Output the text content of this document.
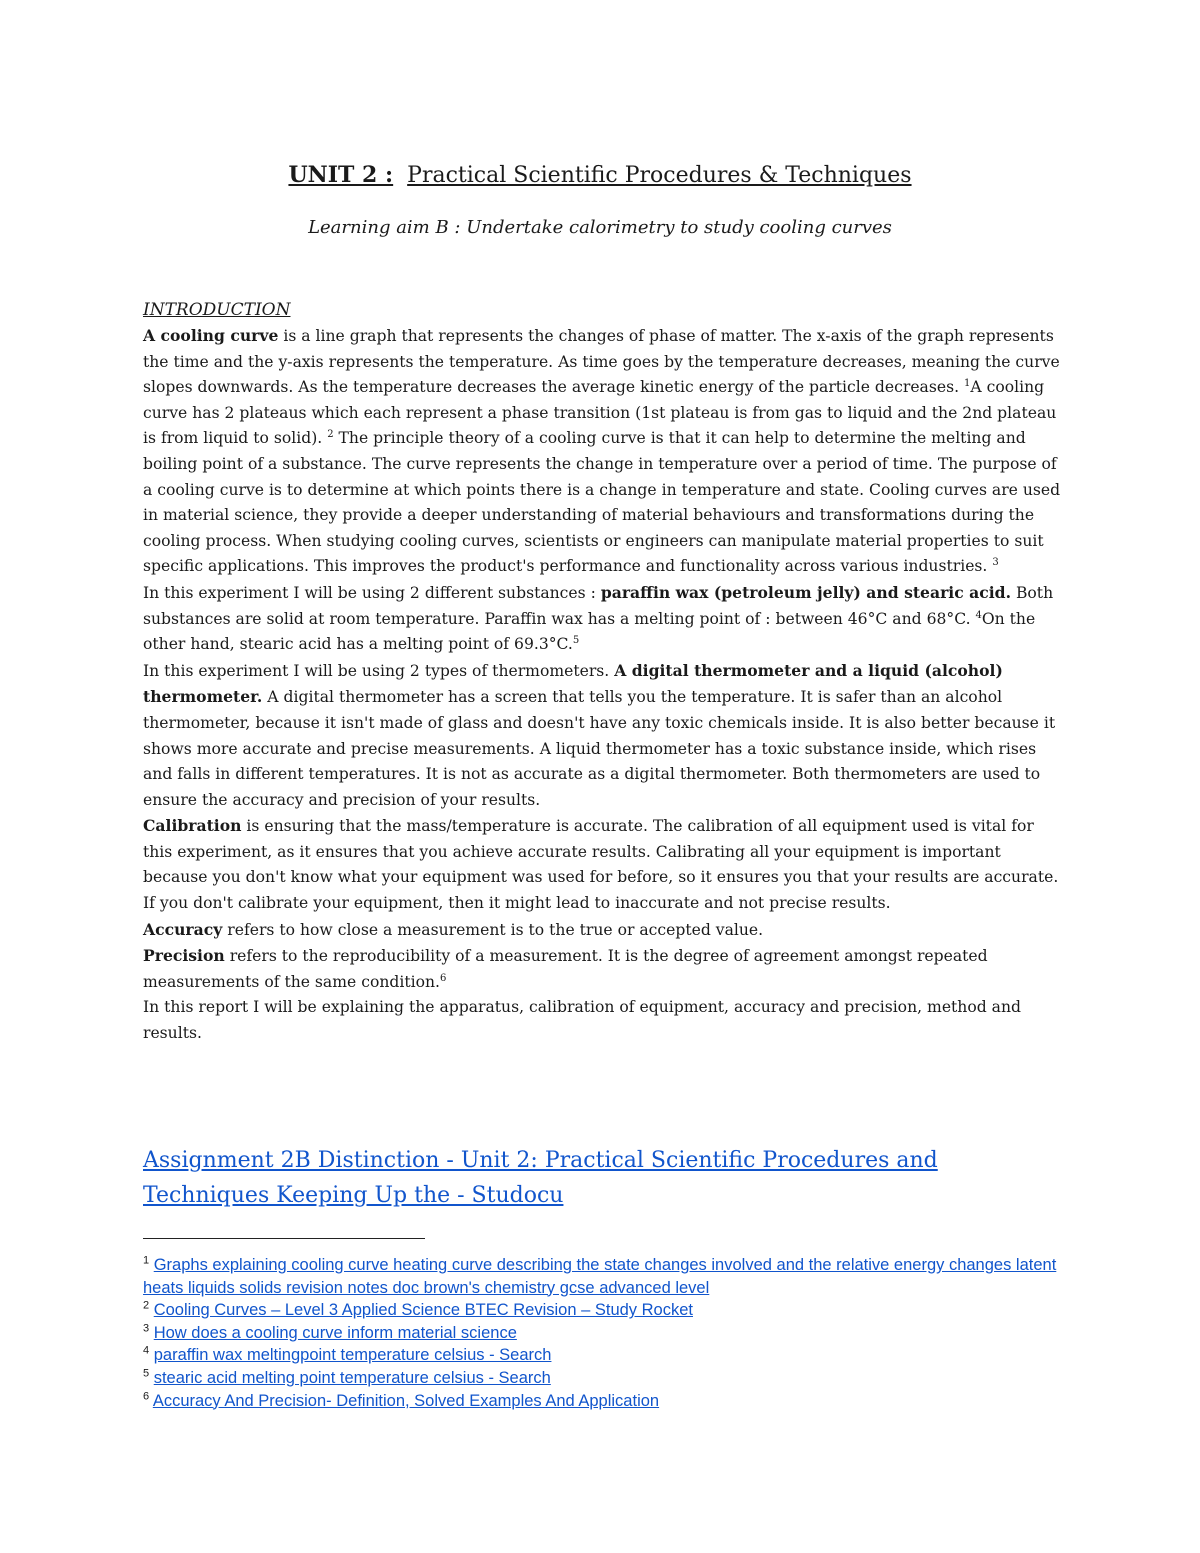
UNIT 2 : Practical Scientific Procedures & Techniques

Learning aim B : Undertake calorimetry to study cooling curves

INTRODUCTION

A cooling curve is a line graph that represents the changes of phase of matter. The x-axis of the graph represents the time and the y-axis represents the temperature. As time goes by the temperature decreases, meaning the curve slopes downwards. As the temperature decreases the average kinetic energy of the particle decreases. $^1$A cooling curve has 2 plateaus which each represent a phase transition (1st plateau is from gas to liquid and the 2nd plateau is from liquid to solid). $^2$ The principle theory of a cooling curve is that it can help to determine the melting and boiling point of a substance. The curve represents the change in temperature over a period of time. The purpose of a cooling curve is to determine at which points there is a change in temperature and state. Cooling curves are used in material science, they provide a deeper understanding of material behaviours and transformations during the cooling process. When studying cooling curves, scientists or engineers can manipulate material properties to suit specific applications. This improves the product's performance and functionality across various industries. $^3$

In this experiment I will be using 2 different substances : paraffin wax (petroleum jelly) and stearic acid. Both substances are solid at room temperature. Paraffin wax has a melting point of : between 46°C and 68°C. $^4$On the other hand, stearic acid has a melting point of 69.3°C.$^5$

In this experiment I will be using 2 types of thermometers. A digital thermometer and a liquid (alcohol) thermometer. A digital thermometer has a screen that tells you the temperature. It is safer than an alcohol thermometer, because it isn't made of glass and doesn't have any toxic chemicals inside. It is also better because it shows more accurate and precise measurements. A liquid thermometer has a toxic substance inside, which rises and falls in different temperatures. It is not as accurate as a digital thermometer. Both thermometers are used to ensure the accuracy and precision of your results.

Calibration is ensuring that the mass/temperature is accurate. The calibration of all equipment used is vital for this experiment, as it ensures that you achieve accurate results. Calibrating all your equipment is important because you don't know what your equipment was used for before, so it ensures you that your results are accurate. If you don't calibrate your equipment, then it might lead to inaccurate and not precise results.

Accuracy refers to how close a measurement is to the true or accepted value.

Precision refers to the reproducibility of a measurement. It is the degree of agreement amongst repeated measurements of the same condition.$^6$

In this report I will be explaining the apparatus, calibration of equipment, accuracy and precision, method and results.

Assignment 2B Distinction - Unit 2: Practical Scientific Procedures and Techniques Keeping Up the - Studocu

$^1$ Graphs explaining cooling curve heating curve describing the state changes involved and the relative energy changes latent heats liquids solids revision notes doc brown's chemistry gcse advanced level

$^2$ Cooling Curves – Level 3 Applied Science BTEC Revision – Study Rocket

$^3$ How does a cooling curve inform material science

$^4$ paraffin wax meltingpoint temperature celsius - Search

$^5$ stearic acid melting point temperature celsius - Search

$^6$ Accuracy And Precision- Definition, Solved Examples And Application
